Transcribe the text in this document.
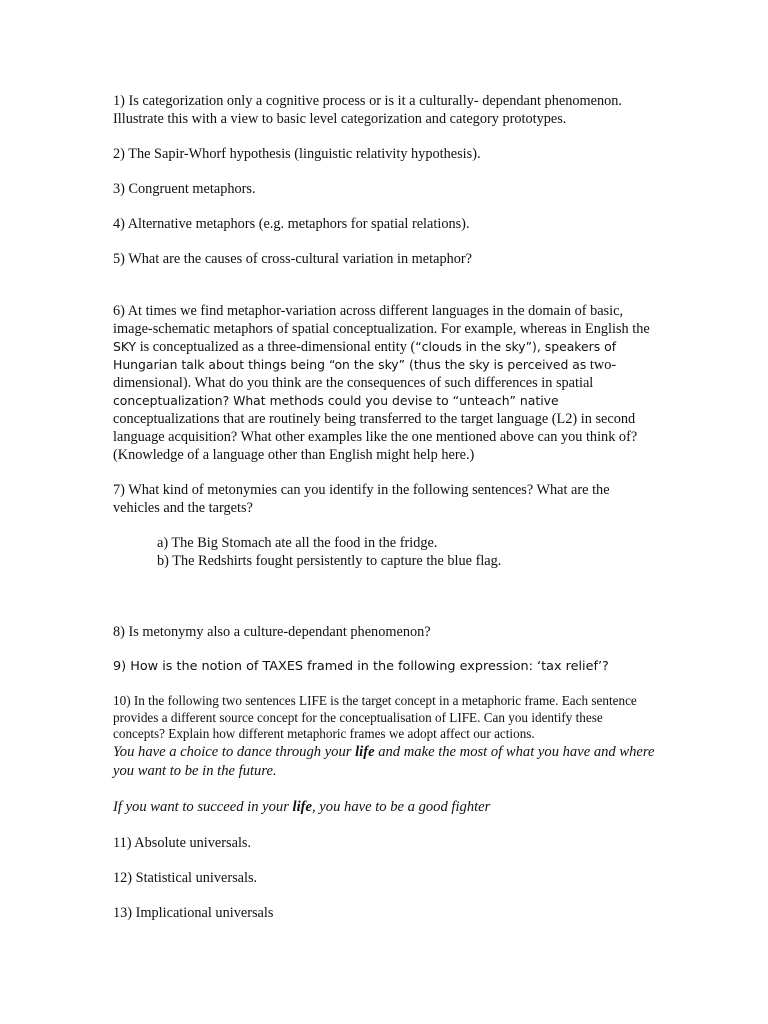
1) Is categorization only a cognitive process or is it a culturally- dependant phenomenon. Illustrate this with a view to basic level categorization and category prototypes.

2) The Sapir-Whorf hypothesis (linguistic relativity hypothesis).

3) Congruent metaphors.

4) Alternative metaphors (e.g. metaphors for spatial relations).

5) What are the causes of cross-cultural variation in metaphor?

6) At times we find metaphor-variation across different languages in the domain of basic, image-schematic metaphors of spatial conceptualization. For example, whereas in English the SKY is conceptualized as a three-dimensional entity (“clouds in the sky”), speakers of Hungarian talk about things being “on the sky” (thus the sky is perceived as two-dimensional). What do you think are the consequences of such differences in spatial conceptualization? What methods could you devise to “unteach” native conceptualizations that are routinely being transferred to the target language (L2) in second language acquisition? What other examples like the one mentioned above can you think of? (Knowledge of a language other than English might help here.)

7) What kind of metonymies can you identify in the following sentences? What are the vehicles and the targets?

a) The Big Stomach ate all the food in the fridge.
b) The Redshirts fought persistently to capture the blue flag.

8) Is metonymy also a culture-dependant phenomenon?

9) How is the notion of TAXES framed in the following expression: ‘tax relief’?

10) In the following two sentences LIFE is the target concept in a metaphoric frame. Each sentence provides a different source concept for the conceptualisation of LIFE. Can you identify these concepts? Explain how different metaphoric frames we adopt affect our actions.

You have a choice to dance through your life and make the most of what you have and where you want to be in the future.

If you want to succeed in your life, you have to be a good fighter

11) Absolute universals.

12) Statistical universals.

13) Implicational universals
